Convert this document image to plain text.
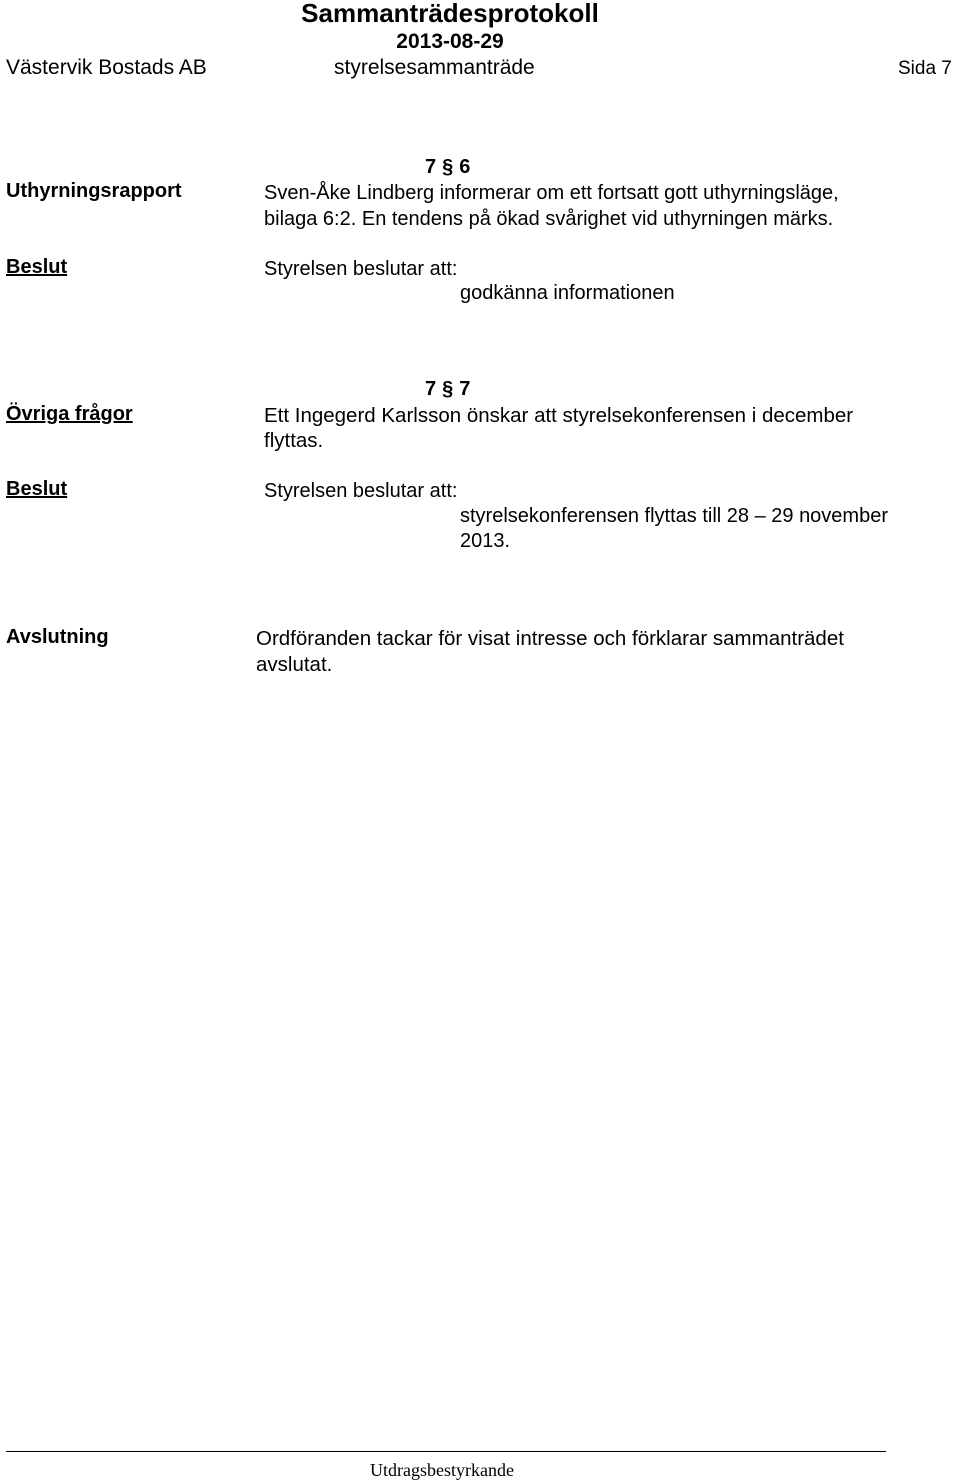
Sammanträdesprotokoll
2013-08-29
Västervik Bostads AB	styrelsesammanträde	Sida 7
7 § 6
Uthyrningsrapport	Sven-Åke Lindberg informerar om ett fortsatt gott uthyrningsläge,
bilaga 6:2. En tendens på ökad svårighet vid uthyrningen märks.
Beslut	Styrelsen beslutar att:
godkänna informationen
7 § 7
Övriga frågor	Ett Ingegerd Karlsson önskar att styrelsekonferensen i december
flyttas.
Beslut	Styrelsen beslutar att:
styrelsekonferensen flyttas till 28 – 29 november
2013.
Avslutning	Ordföranden tackar för visat intresse och förklarar sammanträdet
avslutat.
Utdragsbestyrkande
